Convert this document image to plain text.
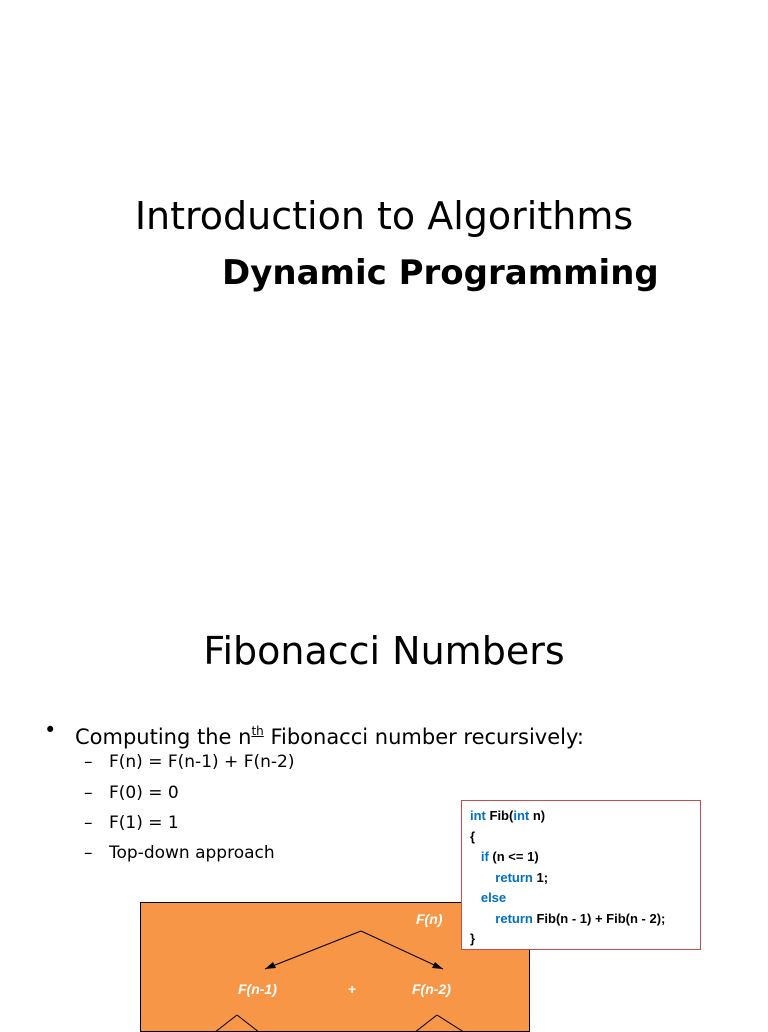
Introduction to Algorithms
Dynamic Programming
Fibonacci Numbers
• Computing the $n^{th}$ Fibonacci number recursively:
– F(n) = F(n-1) + F(n-2)
– F(0) = 0
– F(1) = 1
– Top-down approach
F(n)
F(n-1)	+	F(n-2)
int Fib(int n)
{
if (n <= 1)
return 1;
else
return Fib(n - 1) + Fib(n - 2);
}
